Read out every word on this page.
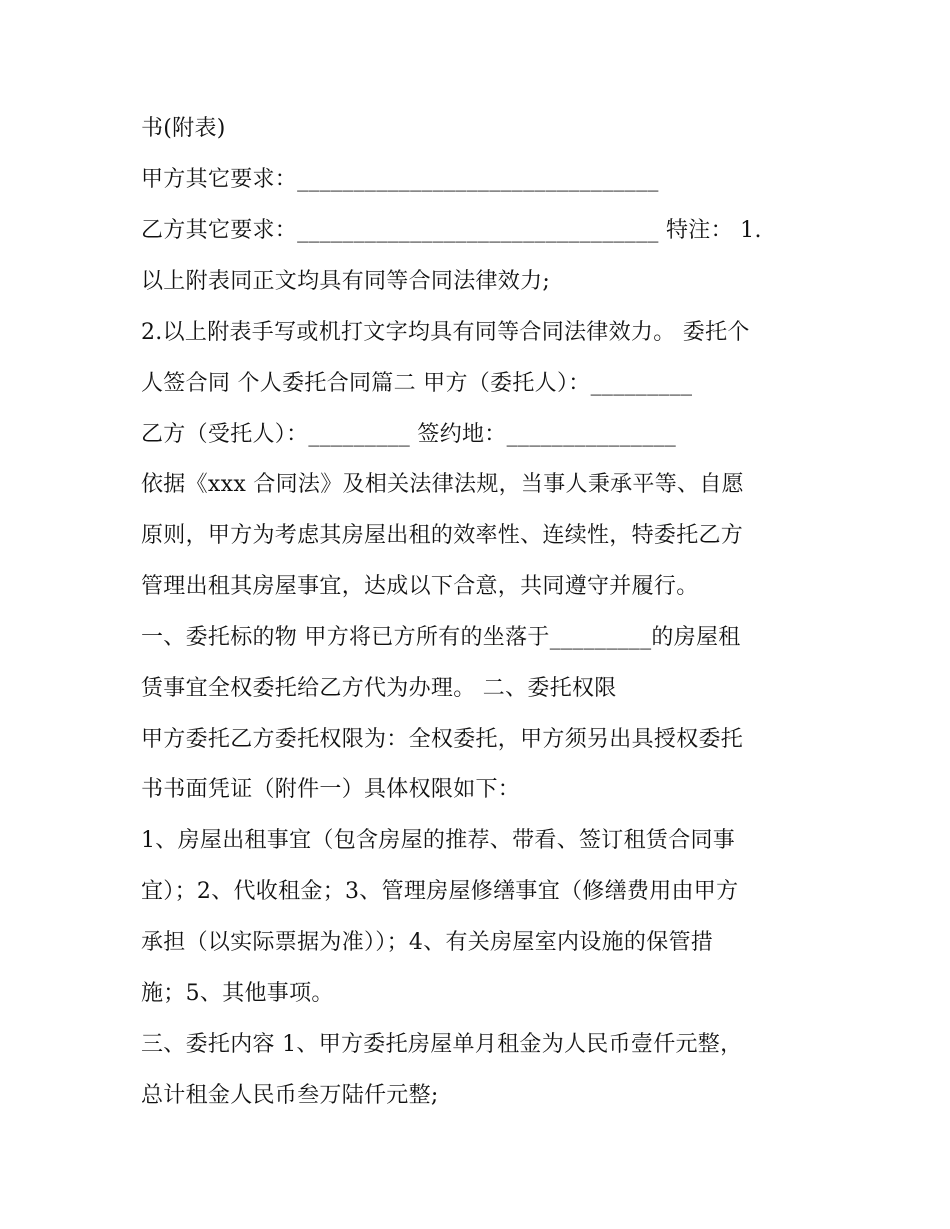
书(附表)
甲方其它要求：________________________________
乙方其它要求：________________________________ 特注： 1.
以上附表同正文均具有同等合同法律效力;
2.以上附表手写或机打文字均具有同等合同法律效力。 委托个
人签合同 个人委托合同篇二 甲方（委托人）：_________
乙方（受托人）：_________ 签约地：_______________
依据《xxx 合同法》及相关法律法规，当事人秉承平等、自愿
原则，甲方为考虑其房屋出租的效率性、连续性，特委托乙方
管理出租其房屋事宜，达成以下合意，共同遵守并履行。
一、委托标的物 甲方将已方所有的坐落于_________的房屋租
赁事宜全权委托给乙方代为办理。 二、委托权限
甲方委托乙方委托权限为：全权委托，甲方须另出具授权委托
书书面凭证（附件一）具体权限如下：
1、房屋出租事宜（包含房屋的推荐、带看、签订租赁合同事
宜）；2、代收租金；3、管理房屋修缮事宜（修缮费用由甲方
承担（以实际票据为准））；4、有关房屋室内设施的保管措
施；5、其他事项。
三、委托内容 1、甲方委托房屋单月租金为人民币壹仟元整，
总计租金人民币叁万陆仟元整;
